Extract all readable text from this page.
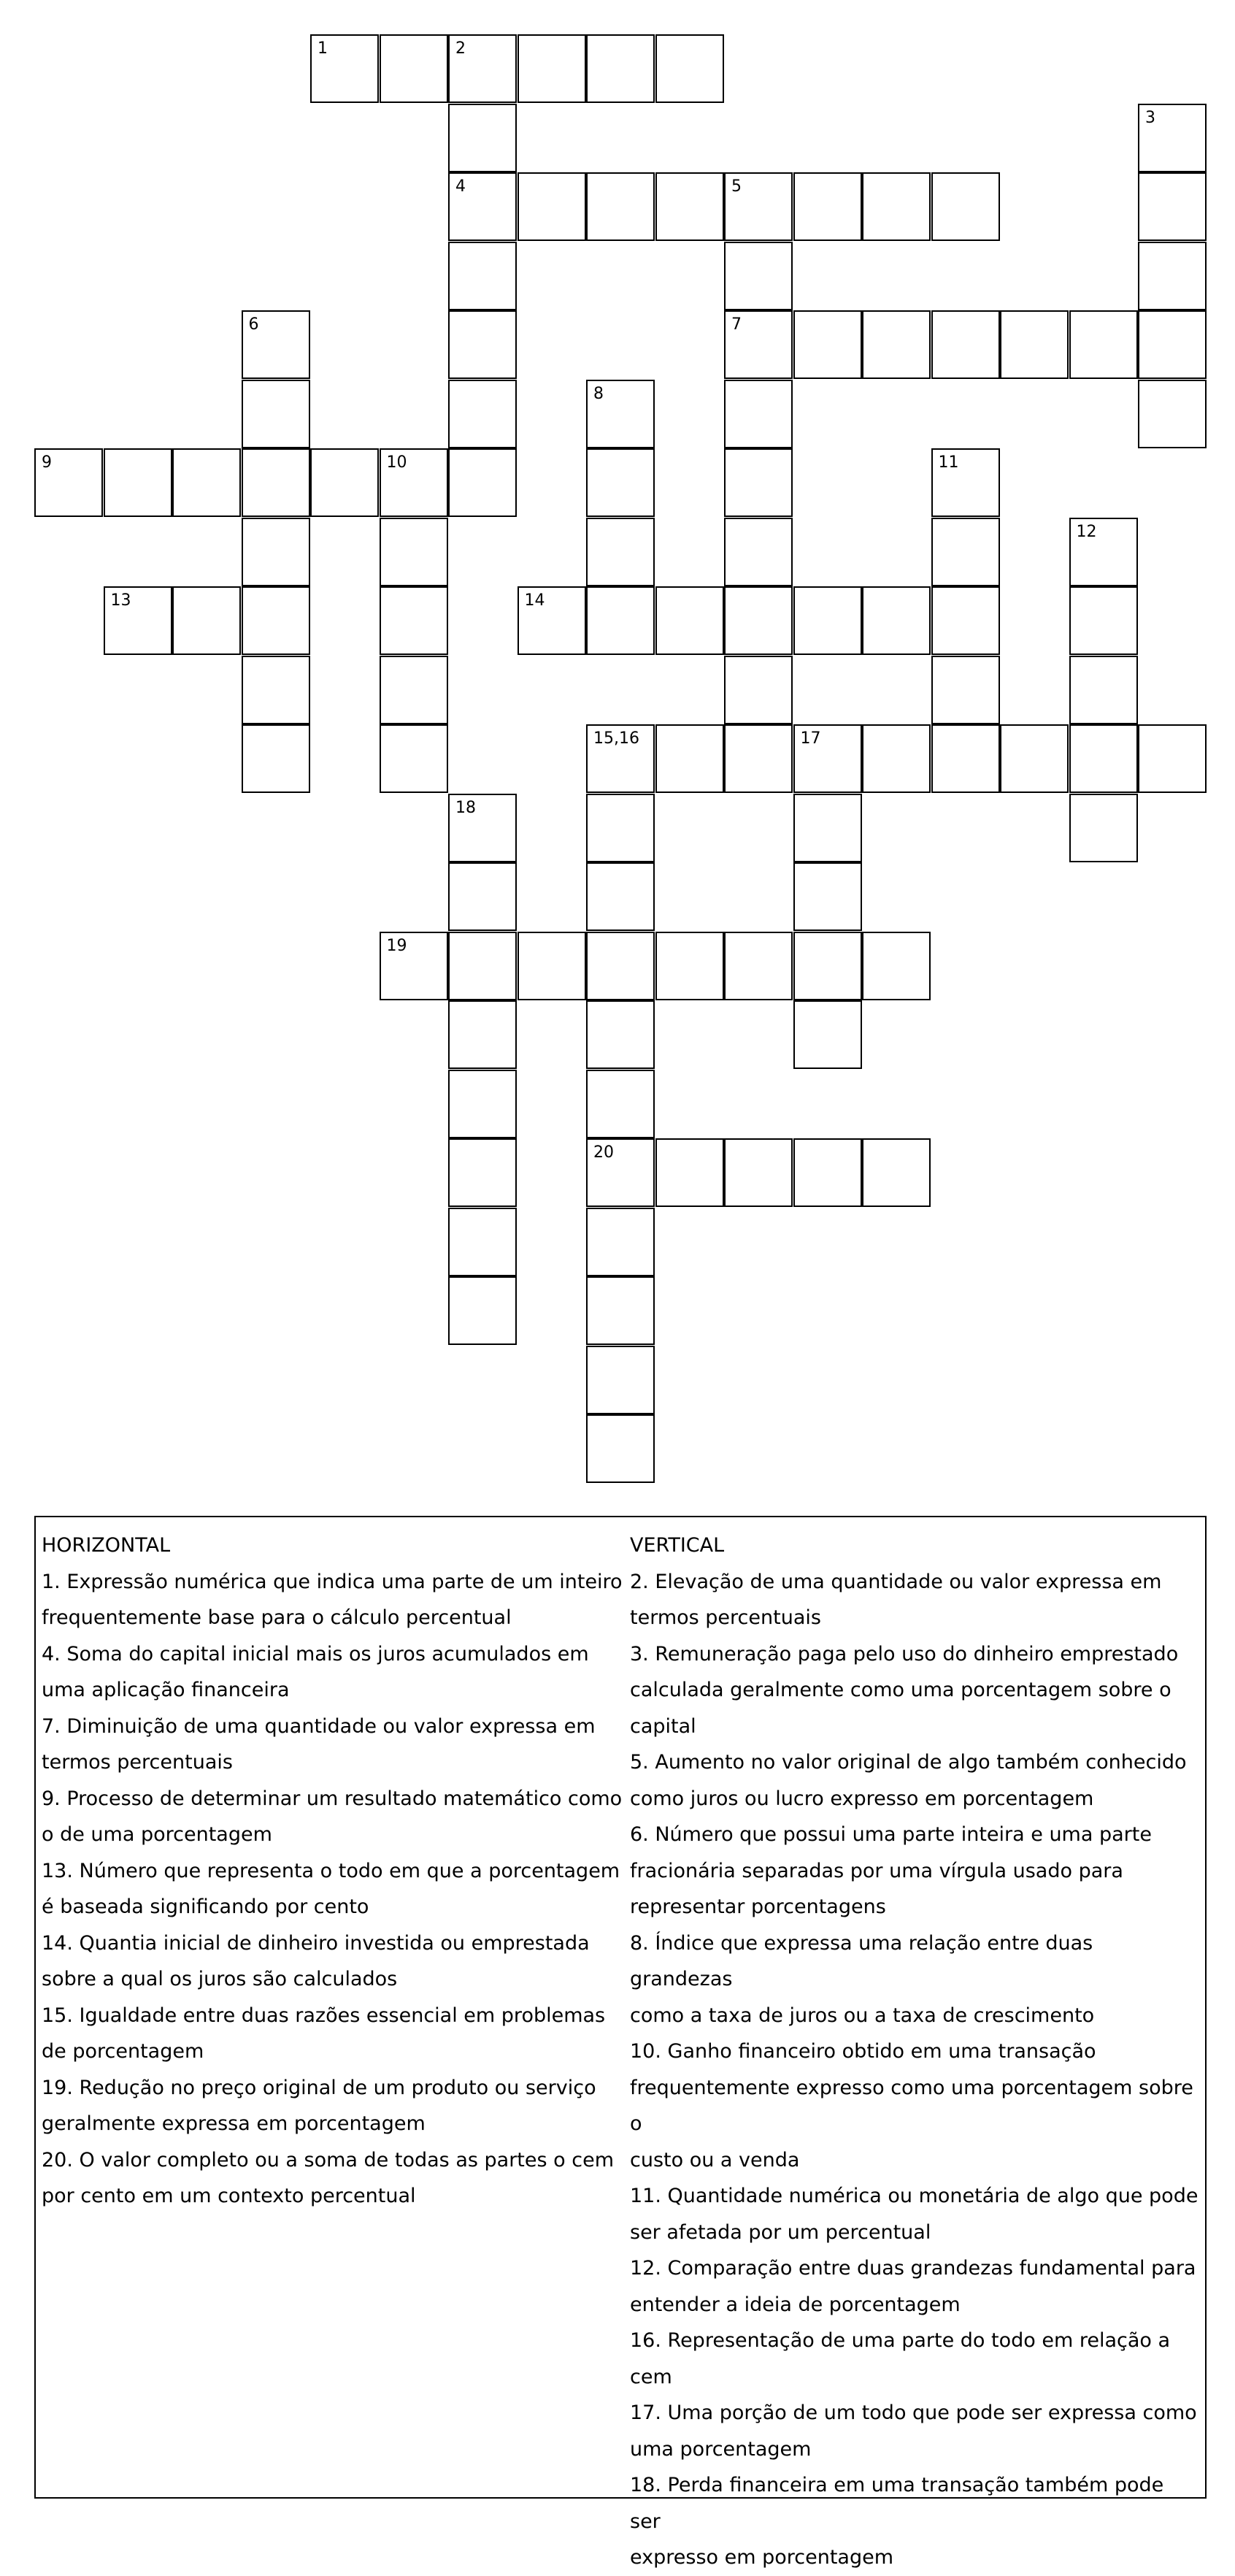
1	2
3
4	5
6	7
8
9	10	11
12
13	14
15,16	17
18
19
20
HORIZONTAL
1. Expressão numérica que indica uma parte de um inteiro
frequentemente base para o cálculo percentual
4. Soma do capital inicial mais os juros acumulados em
uma aplicação financeira
7. Diminuição de uma quantidade ou valor expressa em
termos percentuais
9. Processo de determinar um resultado matemático como
o de uma porcentagem
13. Número que representa o todo em que a porcentagem
é baseada significando por cento
14. Quantia inicial de dinheiro investida ou emprestada
sobre a qual os juros são calculados
15. Igualdade entre duas razões essencial em problemas
de porcentagem
19. Redução no preço original de um produto ou serviço
geralmente expressa em porcentagem
20. O valor completo ou a soma de todas as partes o cem
por cento em um contexto percentual
VERTICAL
2. Elevação de uma quantidade ou valor expressa em
termos percentuais
3. Remuneração paga pelo uso do dinheiro emprestado
calculada geralmente como uma porcentagem sobre o
capital
5. Aumento no valor original de algo também conhecido
como juros ou lucro expresso em porcentagem
6. Número que possui uma parte inteira e uma parte
fracionária separadas por uma vírgula usado para
representar porcentagens
8. Índice que expressa uma relação entre duas grandezas
como a taxa de juros ou a taxa de crescimento
10. Ganho financeiro obtido em uma transação
frequentemente expresso como uma porcentagem sobre o
custo ou a venda
11. Quantidade numérica ou monetária de algo que pode
ser afetada por um percentual
12. Comparação entre duas grandezas fundamental para
entender a ideia de porcentagem
16. Representação de uma parte do todo em relação a
cem
17. Uma porção de um todo que pode ser expressa como
uma porcentagem
18. Perda financeira em uma transação também pode ser
expresso em porcentagem
